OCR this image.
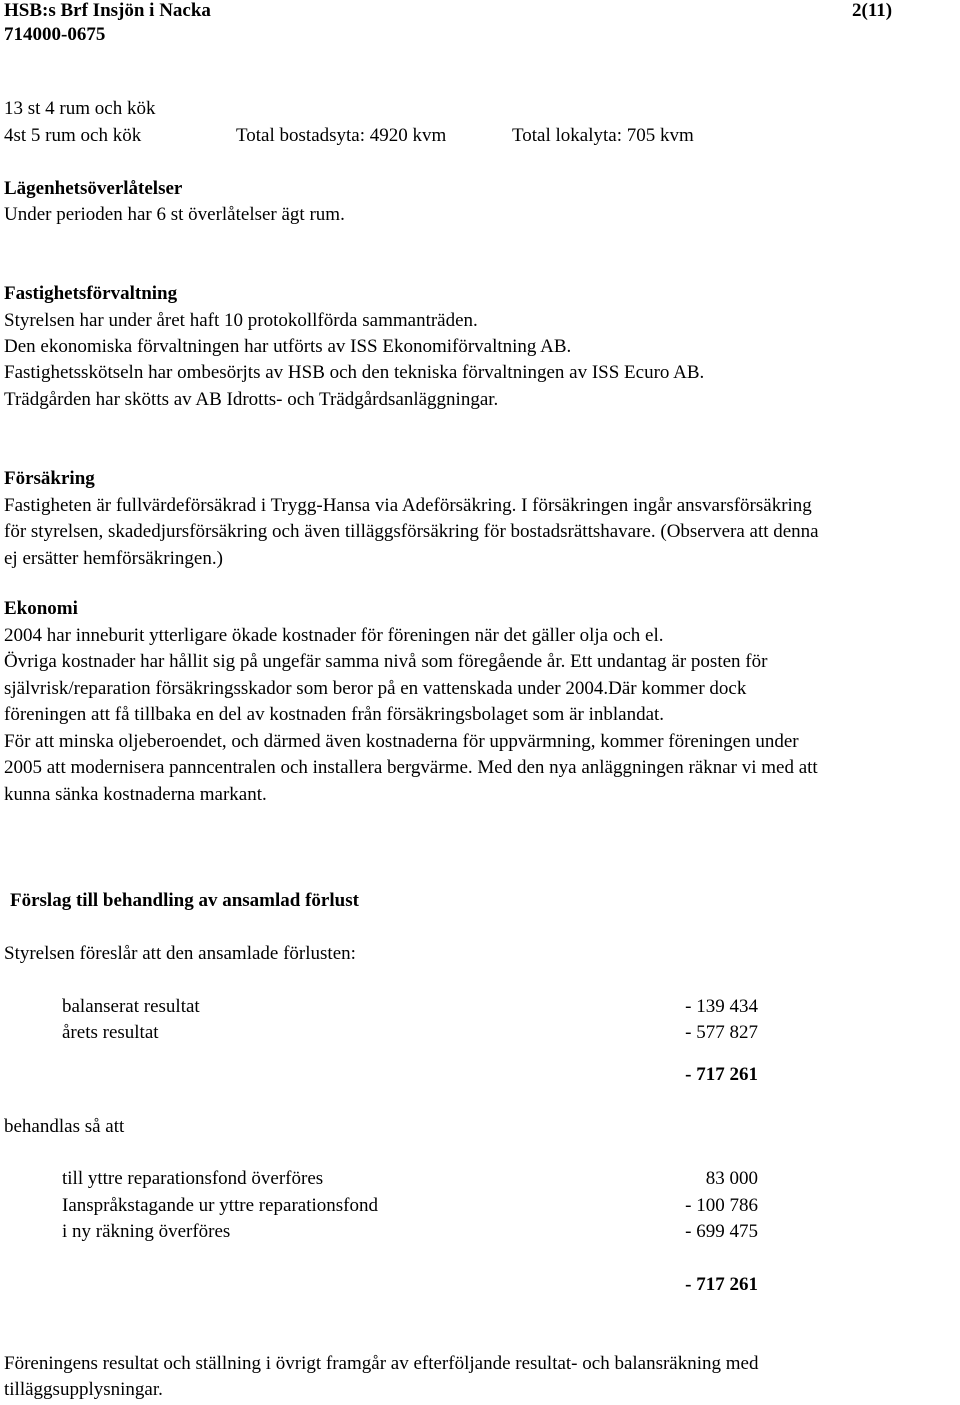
HSB:s Brf Insjön i Nacka	2(11)
714000-0675
13 st 4 rum och kök
4st 5 rum och kök	Total bostadsyta: 4920 kvm	Total lokalyta: 705 kvm
Lägenhetsöverlåtelser
Under perioden har 6 st överlåtelser ägt rum.
Fastighetsförvaltning
Styrelsen har under året haft 10 protokollförda sammanträden.
Den ekonomiska förvaltningen har utförts av ISS Ekonomiförvaltning AB.
Fastighetsskötseln har ombesörjts av HSB och den tekniska förvaltningen av ISS Ecuro AB.
Trädgården har skötts av AB Idrotts- och Trädgårdsanläggningar.
Försäkring
Fastigheten är fullvärdeförsäkrad i Trygg-Hansa via Adeförsäkring. I försäkringen ingår ansvarsförsäkring
för styrelsen, skadedjursförsäkring och även tilläggsförsäkring för bostadsrättshavare. (Observera att denna
ej ersätter hemförsäkringen.)
Ekonomi
2004 har inneburit ytterligare ökade kostnader för föreningen när det gäller olja och el.
Övriga kostnader har hållit sig på ungefär samma nivå som föregående år. Ett undantag är posten för
självrisk/reparation försäkringsskador som beror på en vattenskada under 2004.Där kommer dock
föreningen att få tillbaka en del av kostnaden från försäkringsbolaget som är inblandat.
För att minska oljeberoendet, och därmed även kostnaderna för uppvärmning, kommer föreningen under
2005 att modernisera panncentralen och installera bergvärme. Med den nya anläggningen räknar vi med att
kunna sänka kostnaderna markant.
Förslag till behandling av ansamlad förlust
Styrelsen föreslår att den ansamlade förlusten:
balanserat resultat	- 139 434
årets resultat	- 577 827
- 717 261
behandlas så att
till yttre reparationsfond överföres	83 000
Ianspråkstagande ur yttre reparationsfond	- 100 786
i ny räkning överföres	- 699 475
- 717 261
Föreningens resultat och ställning i övrigt framgår av efterföljande resultat- och balansräkning med
tilläggsupplysningar.
